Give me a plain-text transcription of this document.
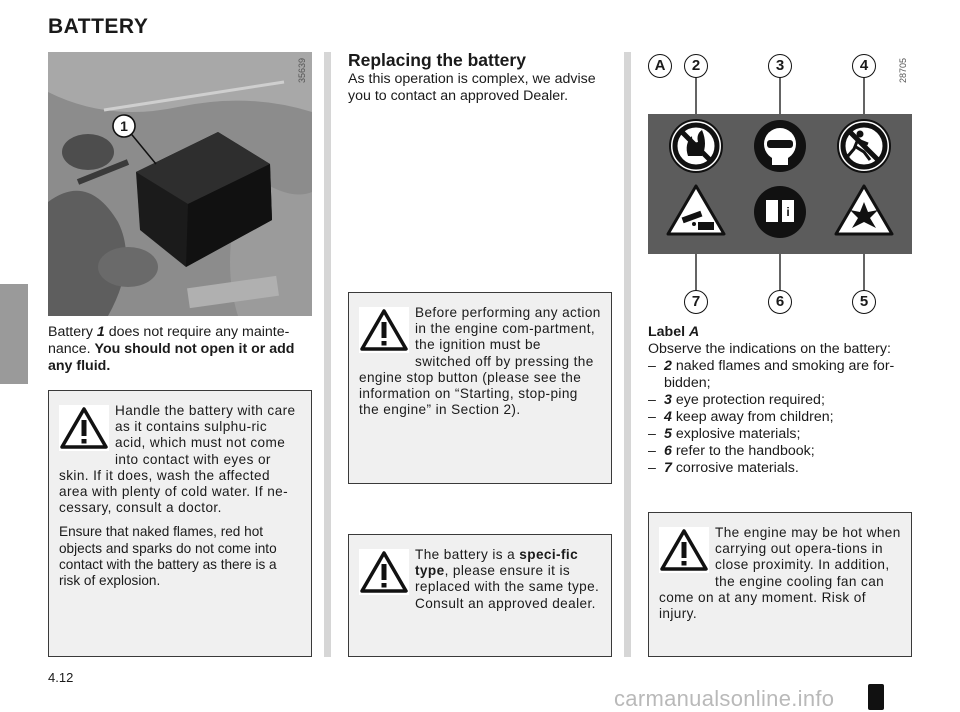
BATTERY
1
35639
Battery 1 does not require any mainte-nance. You should not open it or add any fluid.

Handle the battery with care as it contains sulphu-ric acid, which must not come into contact with eyes or skin. If it does, wash the affected area with plenty of cold water. If ne-cessary, consult a doctor.

Ensure that naked flames, red hot objects and sparks do not come into contact with the battery as there is a risk of explosion.

Replacing the battery
As this operation is complex, we advise you to contact an approved Dealer.

Before performing any action in the engine com-partment, the ignition must be switched off by pressing the engine stop button (please see the information on “Starting, stop-ping the engine” in Section 2).

The battery is a speci-fic type, please ensure it is replaced with the same type. Consult an approved dealer.

i
A	2	3	4
7	6	5
28705
Label A
Observe the indications on the battery:
– 2 naked flames and smoking are for-bidden;
– 3 eye protection required;
– 4 keep away from children;
– 5 explosive materials;
– 6 refer to the handbook;
– 7 corrosive materials.

The engine may be hot when carrying out opera-tions in close proximity. In addition, the engine cooling fan can come on at any moment. Risk of injury.

4.12
carmanualsonline.info
